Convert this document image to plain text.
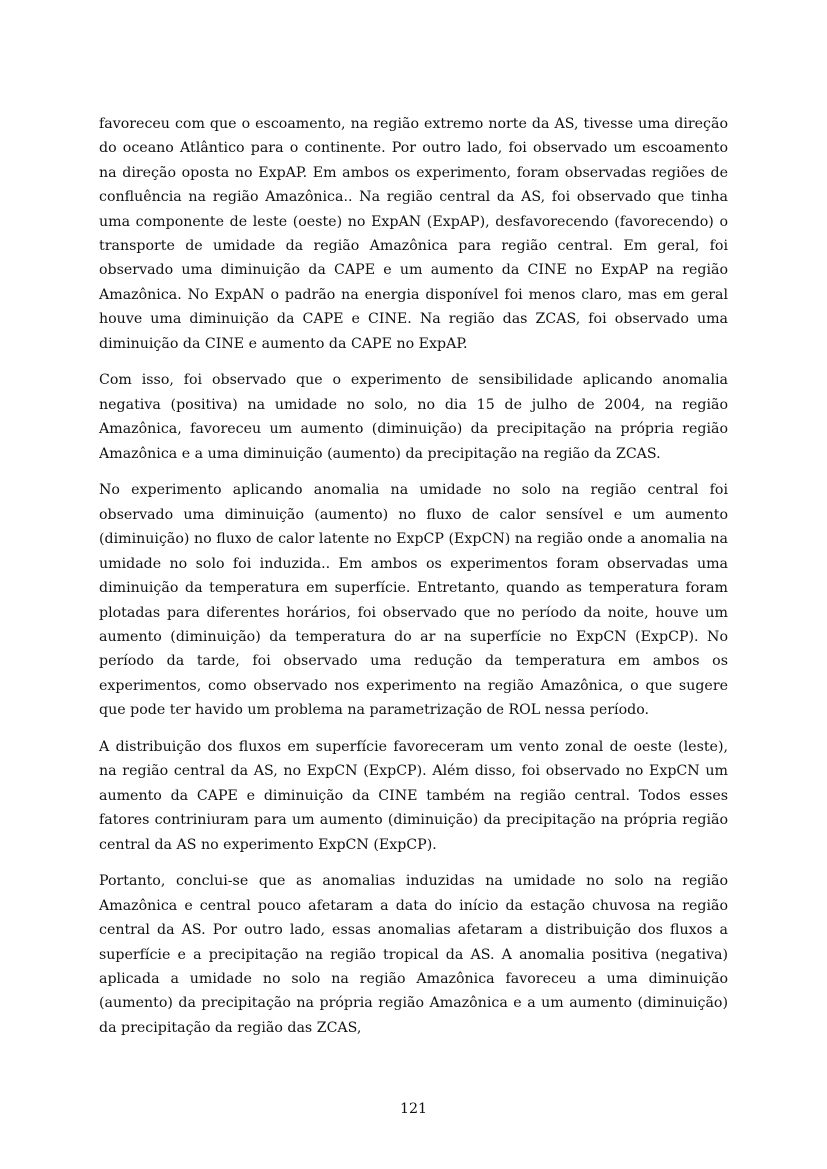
favoreceu com que o escoamento, na região extremo norte da AS, tivesse uma direção do oceano Atlântico para o continente. Por outro lado, foi observado um escoamento na direção oposta no ExpAP. Em ambos os experimento, foram observadas regiões de confluência na região Amazônica.. Na região central da AS, foi observado que tinha uma componente de leste (oeste) no ExpAN (ExpAP), desfavorecendo (favorecendo) o transporte de umidade da região Amazônica para região central. Em geral, foi observado uma diminuição da CAPE e um aumento da CINE no ExpAP na região Amazônica. No ExpAN o padrão na energia disponível foi menos claro, mas em geral houve uma diminuição da CAPE e CINE. Na região das ZCAS, foi observado uma diminuição da CINE e aumento da CAPE no ExpAP.

Com isso, foi observado que o experimento de sensibilidade aplicando anomalia negativa (positiva) na umidade no solo, no dia 15 de julho de 2004, na região Amazônica, favoreceu um aumento (diminuição) da precipitação na própria região Amazônica e a uma diminuição (aumento) da precipitação na região da ZCAS.

No experimento aplicando anomalia na umidade no solo na região central foi observado uma diminuição (aumento) no fluxo de calor sensível e um aumento (diminuição) no fluxo de calor latente no ExpCP (ExpCN) na região onde a anomalia na umidade no solo foi induzida.. Em ambos os experimentos foram observadas uma diminuição da temperatura em superfície. Entretanto, quando as temperatura foram plotadas para diferentes horários, foi observado que no período da noite, houve um aumento (diminuição) da temperatura do ar na superfície no ExpCN (ExpCP). No período da tarde, foi observado uma redução da temperatura em ambos os experimentos, como observado nos experimento na região Amazônica, o que sugere que pode ter havido um problema na parametrização de ROL nessa período.

A distribuição dos fluxos em superfície favoreceram um vento zonal de oeste (leste), na região central da AS, no ExpCN (ExpCP). Além disso, foi observado no ExpCN um aumento da CAPE e diminuição da CINE também na região central. Todos esses fatores contriniuram para um aumento (diminuição) da precipitação na própria região central da AS no experimento ExpCN (ExpCP).

Portanto, conclui-se que as anomalias induzidas na umidade no solo na região Amazônica e central pouco afetaram a data do início da estação chuvosa na região central da AS. Por outro lado, essas anomalias afetaram a distribuição dos fluxos a superfície e a precipitação na região tropical da AS. A anomalia positiva (negativa) aplicada a umidade no solo na região Amazônica favoreceu a uma diminuição (aumento) da precipitação na própria região Amazônica e a um aumento (diminuição) da precipitação da região das ZCAS,

121
